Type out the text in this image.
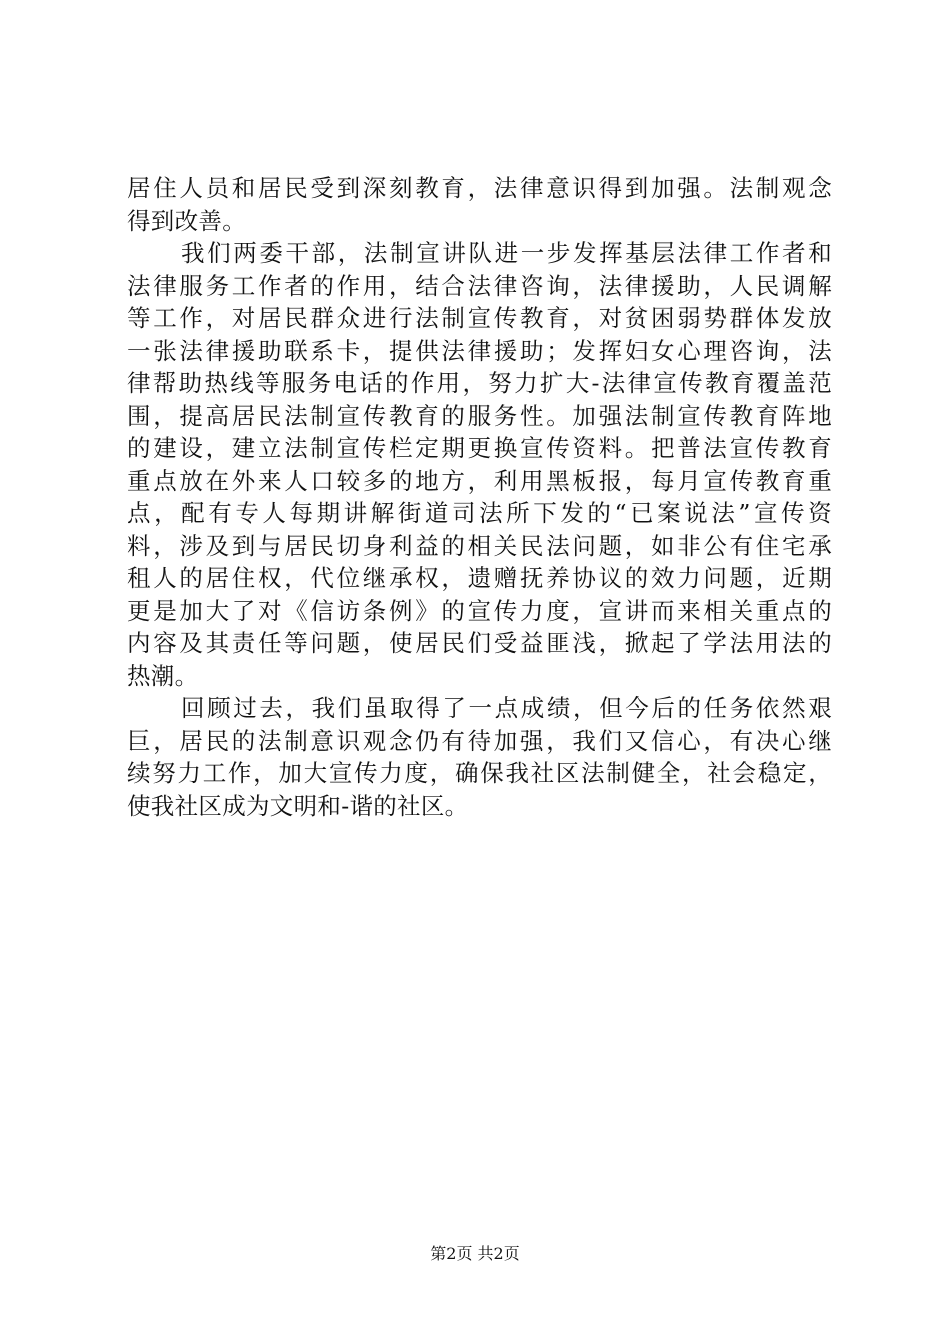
居住人员和居民受到深刻教育，法律意识得到加强。法制观念
得到改善。
我们两委干部，法制宣讲队进一步发挥基层法律工作者和
法律服务工作者的作用，结合法律咨询，法律援助，人民调解
等工作，对居民群众进行法制宣传教育，对贫困弱势群体发放
一张法律援助联系卡，提供法律援助；发挥妇女心理咨询，法
律帮助热线等服务电话的作用，努力扩大-法律宣传教育覆盖范
围，提高居民法制宣传教育的服务性。加强法制宣传教育阵地
的建设，建立法制宣传栏定期更换宣传资料。把普法宣传教育
重点放在外来人口较多的地方，利用黑板报，每月宣传教育重
点，配有专人每期讲解街道司法所下发的“已案说法”宣传资
料，涉及到与居民切身利益的相关民法问题，如非公有住宅承
租人的居住权，代位继承权，遗赠抚养协议的效力问题，近期
更是加大了对《信访条例》的宣传力度，宣讲而来相关重点的
内容及其责任等问题，使居民们受益匪浅，掀起了学法用法的
热潮。
回顾过去，我们虽取得了一点成绩，但今后的任务依然艰
巨，居民的法制意识观念仍有待加强，我们又信心，有决心继
续努力工作，加大宣传力度，确保我社区法制健全，社会稳定，
使我社区成为文明和-谐的社区。
第2页 共2页
